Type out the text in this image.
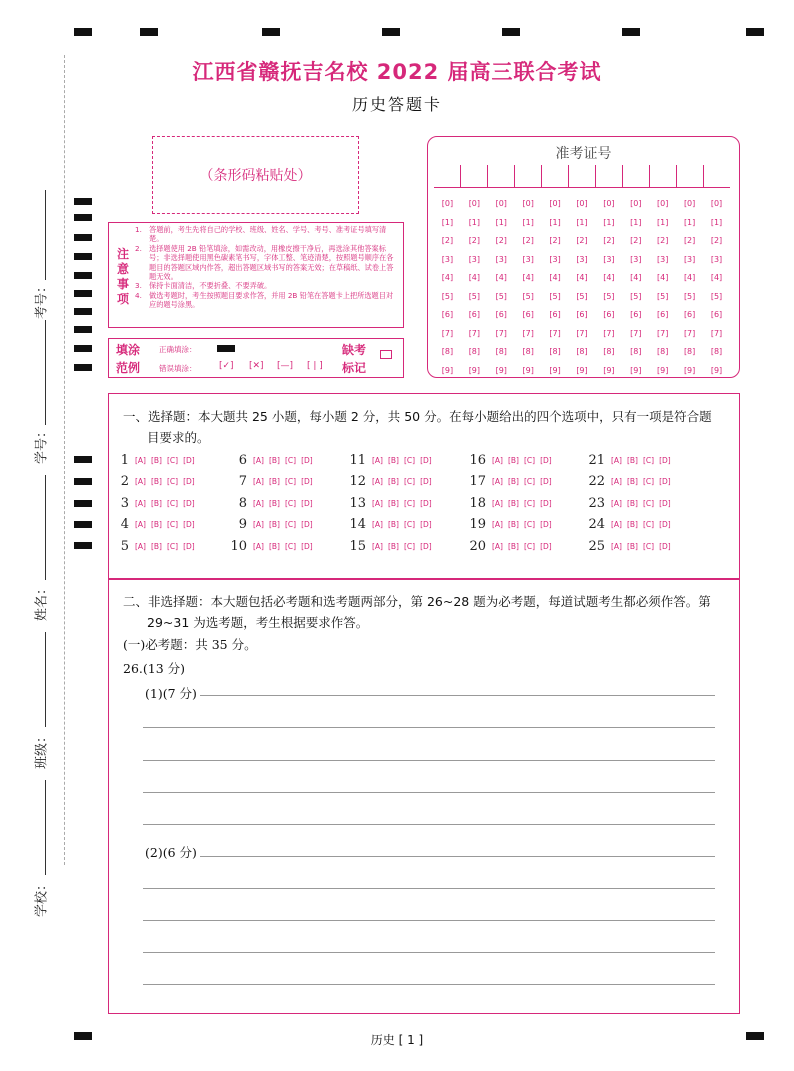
考号：
学号：
姓名：
班级：
学校：
江西省赣抚吉名校 2022 届高三联合考试
历史答题卡
（条形码粘贴处）
准考证号
[0]	[0]	[0]	[0]	[0]	[0]	[0]	[0]	[0]	[0]	[0]
[1]	[1]	[1]	[1]	[1]	[1]	[1]	[1]	[1]	[1]	[1]
[2]	[2]	[2]	[2]	[2]	[2]	[2]	[2]	[2]	[2]	[2]
[3]	[3]	[3]	[3]	[3]	[3]	[3]	[3]	[3]	[3]	[3]
[4]	[4]	[4]	[4]	[4]	[4]	[4]	[4]	[4]	[4]	[4]
[5]	[5]	[5]	[5]	[5]	[5]	[5]	[5]	[5]	[5]	[5]
[6]	[6]	[6]	[6]	[6]	[6]	[6]	[6]	[6]	[6]	[6]
[7]	[7]	[7]	[7]	[7]	[7]	[7]	[7]	[7]	[7]	[7]
[8]	[8]	[8]	[8]	[8]	[8]	[8]	[8]	[8]	[8]	[8]
[9]	[9]	[9]	[9]	[9]	[9]	[9]	[9]	[9]	[9]	[9]
注意事项
1. 答题前，考生先将自己的学校、班级、姓名、学号、考号、准考证号填写清楚。
2. 选择题使用 2B 铅笔填涂，如需改动，用橡皮擦干净后，再选涂其他答案标号；非选择题使用黑色碳素笔书写，字体工整、笔迹清楚，按照题号顺序在各题目的答题区域内作答，超出答题区域书写的答案无效；在草稿纸、试卷上答题无效。
3. 保持卡面清洁，不要折叠、不要弄破。
4. 做选考题时，考生按照题目要求作答，并用 2B 铅笔在答题卡上把所选题目对应的题号涂黑。
填涂
范例
正确填涂：
错误填涂：	[✓] [✕] [—] [ | ]
缺考
标记
一、选择题：本大题共 25 小题，每小题 2 分，共 50 分。在每小题给出的四个选项中，只有一项是符合题
目要求的。
1 [A] [B] [C] [D]
2 [A] [B] [C] [D]
3 [A] [B] [C] [D]
4 [A] [B] [C] [D]
5 [A] [B] [C] [D]
6 [A] [B] [C] [D]
7 [A] [B] [C] [D]
8 [A] [B] [C] [D]
9 [A] [B] [C] [D]
10 [A] [B] [C] [D]
11 [A] [B] [C] [D]
12 [A] [B] [C] [D]
13 [A] [B] [C] [D]
14 [A] [B] [C] [D]
15 [A] [B] [C] [D]
16 [A] [B] [C] [D]
17 [A] [B] [C] [D]
18 [A] [B] [C] [D]
19 [A] [B] [C] [D]
20 [A] [B] [C] [D]
21 [A] [B] [C] [D]
22 [A] [B] [C] [D]
23 [A] [B] [C] [D]
24 [A] [B] [C] [D]
25 [A] [B] [C] [D]
二、非选择题：本大题包括必考题和选考题两部分，第 26~28 题为必考题，每道试题考生都必须作答。第
29~31 为选考题，考生根据要求作答。
(一)必考题：共 35 分。
26.(13 分)
(1)(7 分)
(2)(6 分)
历史 [ 1 ]
